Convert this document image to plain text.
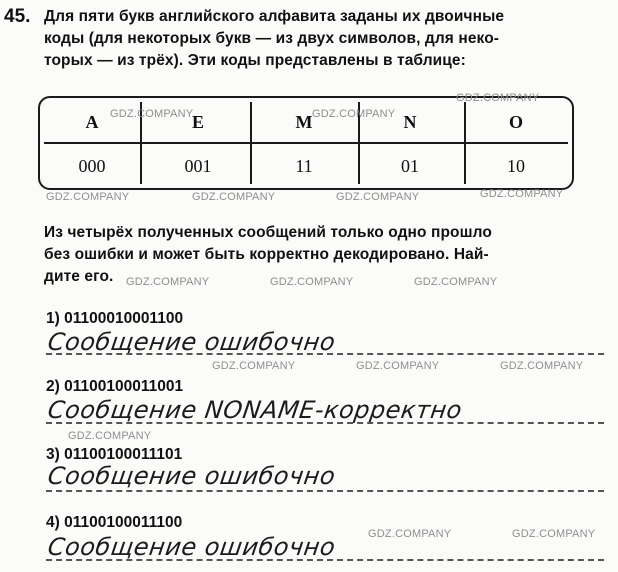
45. Для пяти букв английского алфавита заданы их двоичные
коды (для некоторых букв — из двух символов, для неко-
торых — из трёх). Эти коды представлены в таблице:
A	E	M	N	O
000	001	11	01	10
Из четырёх полученных сообщений только одно прошло
без ошибки и может быть корректно декодировано. Най-
дите его.
1) 01100010001100
Сообщение ошибочно
2) 01100100011001
Сообщение NONAME-корректно
3) 01100100011101
Сообщение ошибочно
4) 01100100011100
Сообщение ошибочно
GDZ.COMPANY	GDZ.COMPANY
GDZ.COMPANY
GDZ.COMPANY	GDZ.COMPANY	GDZ.COMPANY	GDZ.COMPANY
GDZ.COMPANY	GDZ.COMPANY	GDZ.COMPANY
GDZ.COMPANY	GDZ.COMPANY	GDZ.COMPANY
GDZ.COMPANY
GDZ.COMPANY	GDZ.COMPANY
